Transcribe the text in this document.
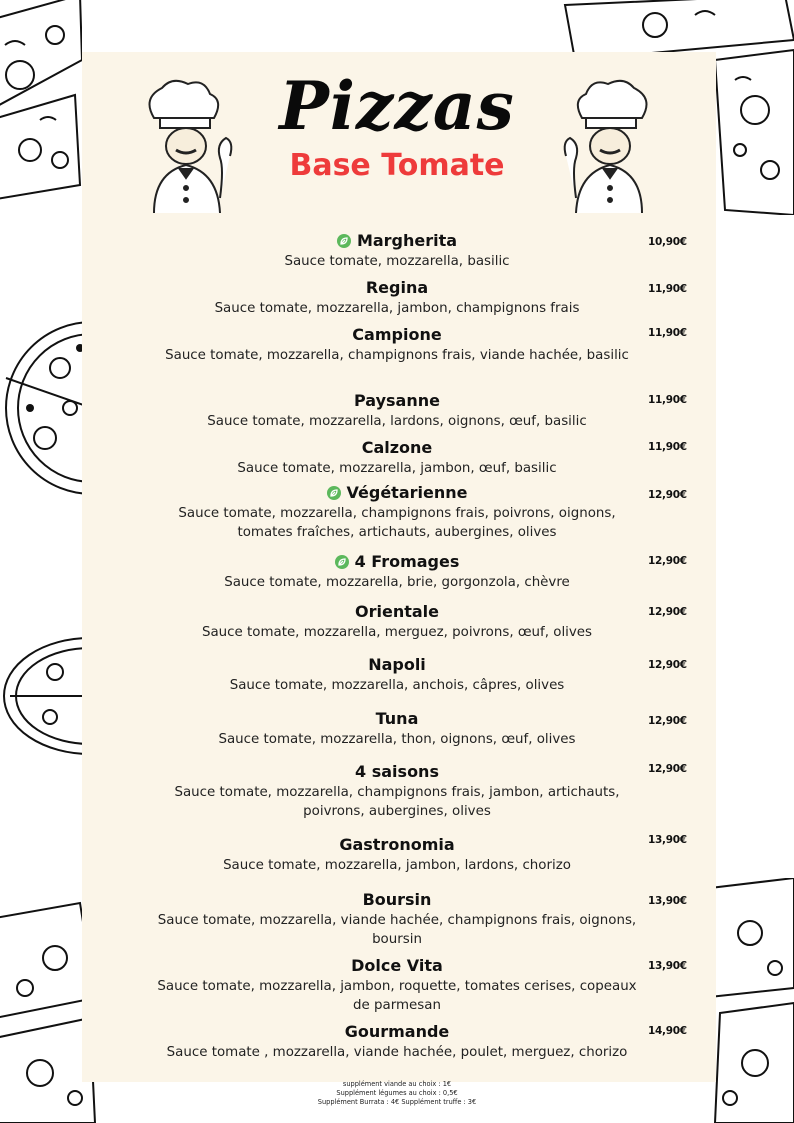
Pizzas
Base Tomate
Margherita
Sauce tomate, mozzarella, basilic
10,90€
Regina
Sauce tomate, mozzarella, jambon, champignons frais
11,90€
Campione
Sauce tomate, mozzarella, champignons frais, viande hachée, basilic
11,90€
Paysanne
Sauce tomate, mozzarella, lardons, oignons, œuf, basilic
11,90€
Calzone
Sauce tomate, mozzarella, jambon, œuf, basilic
11,90€
Végétarienne
Sauce tomate, mozzarella, champignons frais, poivrons, oignons, tomates fraîches, artichauts, aubergines, olives
12,90€
4 Fromages
Sauce tomate, mozzarella, brie, gorgonzola, chèvre
12,90€
Orientale
Sauce tomate, mozzarella, merguez, poivrons, œuf, olives
12,90€
Napoli
Sauce tomate, mozzarella, anchois, câpres, olives
12,90€
Tuna
Sauce tomate, mozzarella, thon, oignons, œuf, olives
12,90€
4 saisons
Sauce tomate, mozzarella, champignons frais, jambon, artichauts, poivrons, aubergines, olives
12,90€
Gastronomia
Sauce tomate, mozzarella, jambon, lardons, chorizo
13,90€
Boursin
Sauce tomate, mozzarella, viande hachée, champignons frais, oignons, boursin
13,90€
Dolce Vita
Sauce tomate, mozzarella, jambon, roquette, tomates cerises, copeaux de parmesan
13,90€
Gourmande
Sauce tomate , mozzarella, viande hachée, poulet, merguez, chorizo
14,90€
supplément viande au choix : 1€
Supplément légumes au choix : 0,5€
Supplément Burrata : 4€ Supplément truffe : 3€
